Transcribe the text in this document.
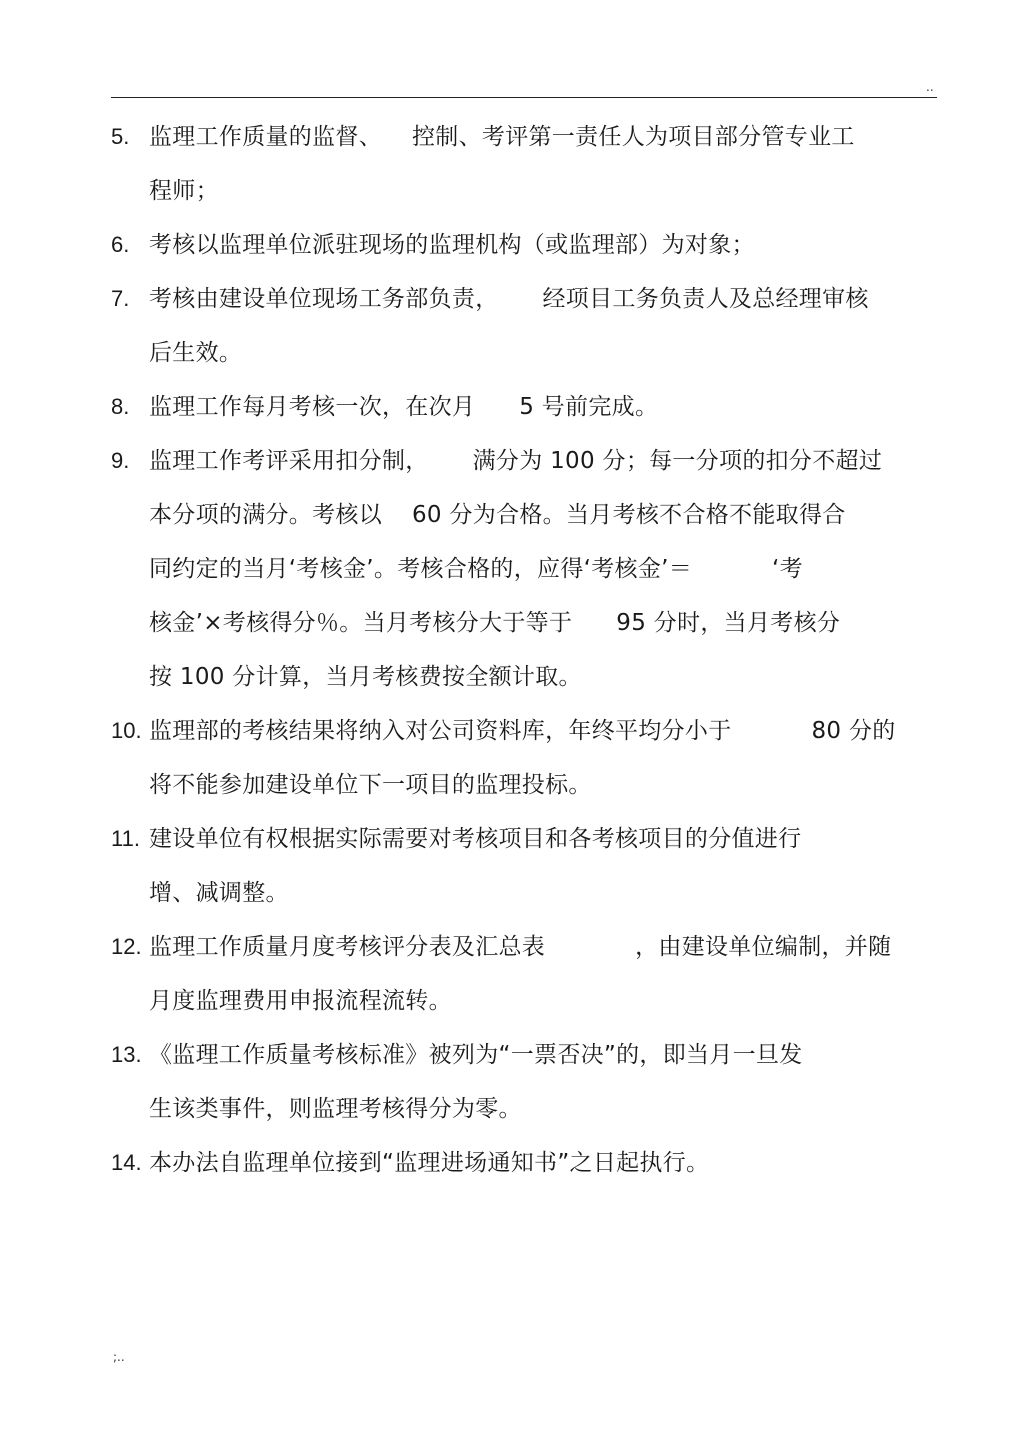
..
5. 监理工作质量的监督、 控制、考评第一责任人为项目部分管专业工
程师；
6. 考核以监理单位派驻现场的监理机构（或监理部）为对象；
7. 考核由建设单位现场工务部负责， 经项目工务负责人及总经理审核
后生效。
8. 监理工作每月考核一次，在次月 5 号前完成。
9. 监理工作考评采用扣分制， 满分为 100 分；每一分项的扣分不超过
本分项的满分。考核以 60 分为合格。当月考核不合格不能取得合
同约定的当月‘考核金’。考核合格的，应得‘考核金’＝	‘考
核金’×考核得分％。当月考核分大于等于 95 分时，当月考核分
按 100 分计算，当月考核费按全额计取。
10. 监理部的考核结果将纳入对公司资料库，年终平均分小于	80 分的
将不能参加建设单位下一项目的监理投标。
11. 建设单位有权根据实际需要对考核项目和各考核项目的分值进行
增、减调整。
12. 监理工作质量月度考核评分表及汇总表	，由建设单位编制，并随
月度监理费用申报流程流转。
13. 《监理工作质量考核标准》被列为“一票否决”的，即当月一旦发
生该类事件，则监理考核得分为零。
14. 本办法自监理单位接到“监理进场通知书”之日起执行。
;..
